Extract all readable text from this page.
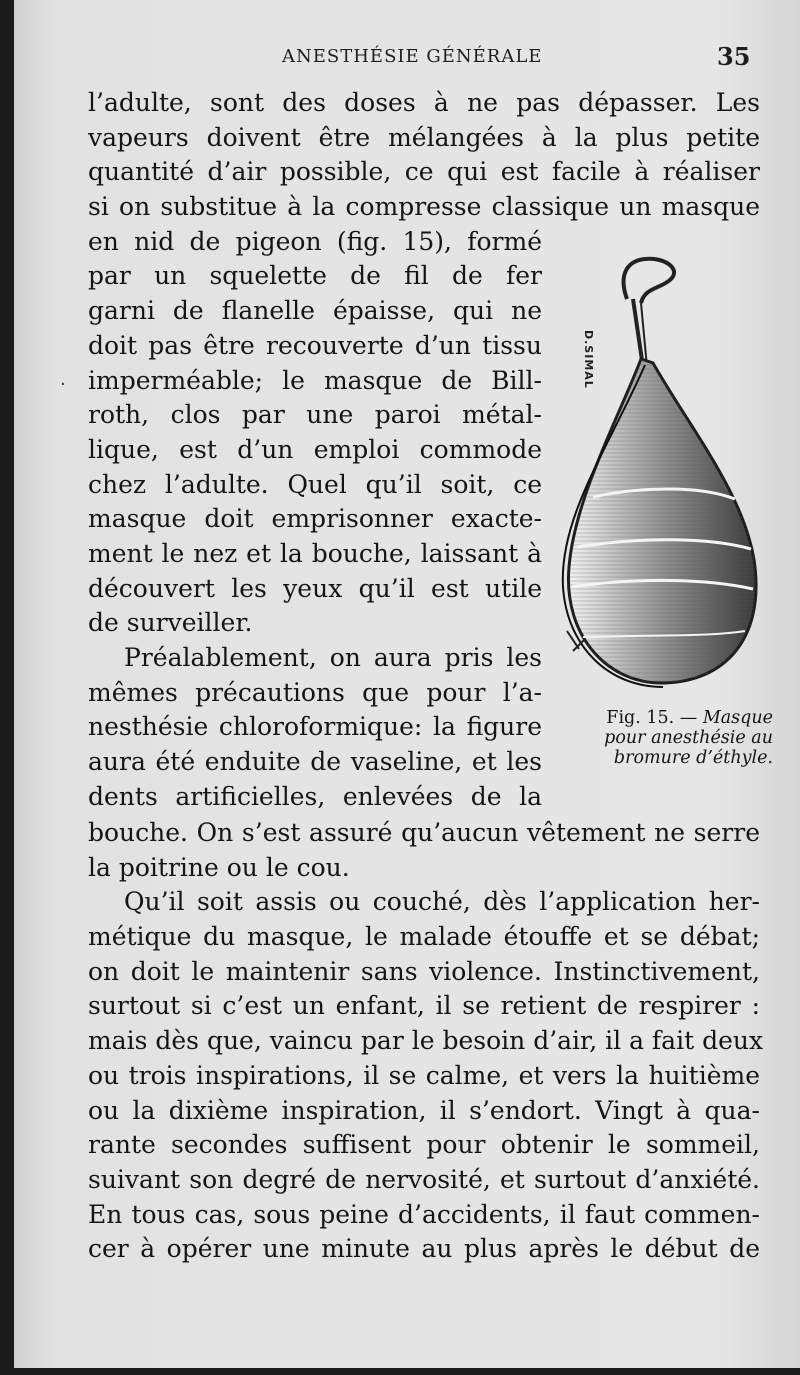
ANESTHÉSIE GÉNÉRALE	35
l’adulte, sont des doses à ne pas dépasser. Les
vapeurs doivent être mélangées à la plus petite
quantité d’air possible, ce qui est facile à réaliser
si on substitue à la compresse classique un masque
en nid de pigeon (fig. 15), formé
par un squelette de fil de fer
garni de flanelle épaisse, qui ne
doit pas être recouverte d’un tissu
imperméable; le masque de Bill-
roth, clos par une paroi métal-
lique, est d’un emploi commode
chez l’adulte. Quel qu’il soit, ce
masque doit emprisonner exacte-
ment le nez et la bouche, laissant à
découvert les yeux qu’il est utile
de surveiller.
Préalablement, on aura pris les
mêmes précautions que pour l’a-
nesthésie chloroformique: la figure
aura été enduite de vaseline, et les
dents artificielles, enlevées de la
bouche. On s’est assuré qu’aucun vêtement ne serre
la poitrine ou le cou.
Qu’il soit assis ou couché, dès l’application her-
métique du masque, le malade étouffe et se débat;
on doit le maintenir sans violence. Instinctivement,
surtout si c’est un enfant, il se retient de respirer :
mais dès que, vaincu par le besoin d’air, il a fait deux
ou trois inspirations, il se calme, et vers la huitième
ou la dixième inspiration, il s’endort. Vingt à qua-
rante secondes suffisent pour obtenir le sommeil,
suivant son degré de nervosité, et surtout d’anxiété.
En tous cas, sous peine d’accidents, il faut commen-
cer à opérer une minute au plus après le début de
D.SIMAL
Fig. 15. — Masque
pour anesthésie au
bromure d’éthyle.
·
